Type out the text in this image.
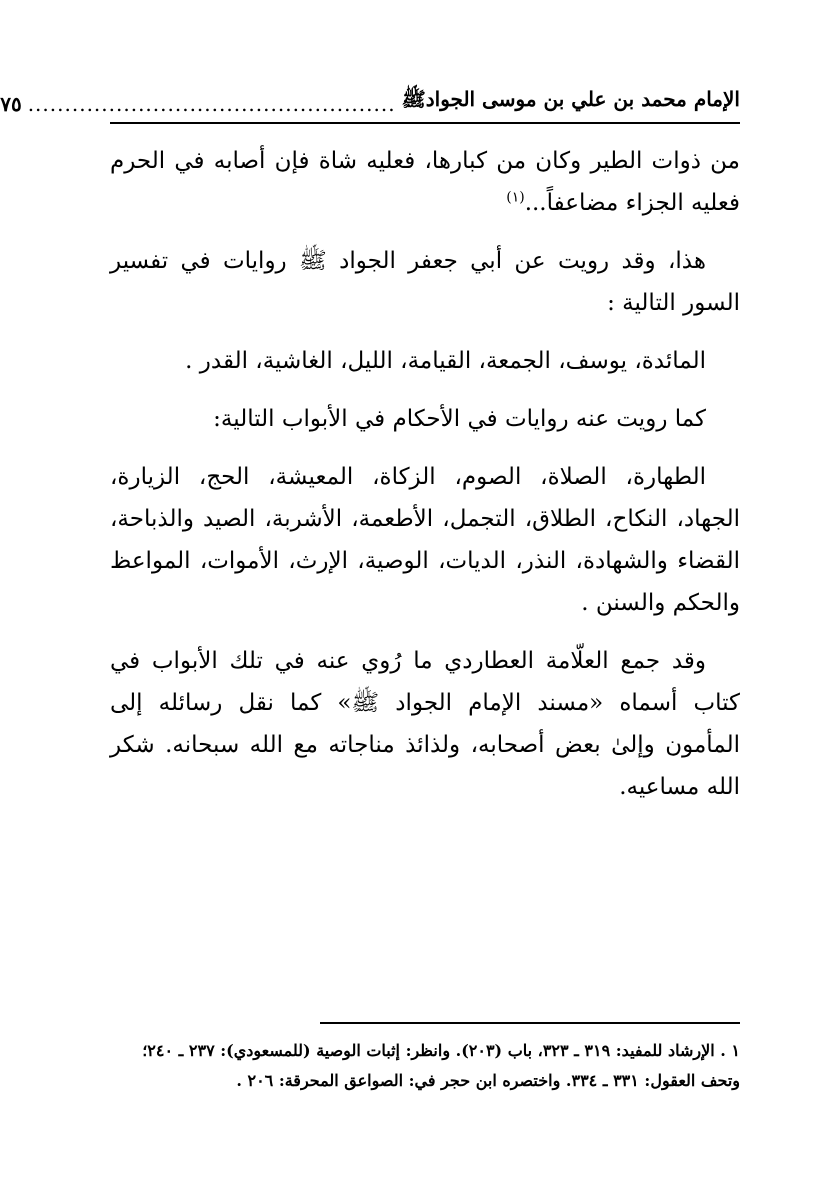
الإمام محمد بن علي بن موسى الجوادﷺ
..................................................
٧٥

من ذوات الطير وكان من كبارها، فعليه شاة فإن أصابه في الحرم فعليه الجزاء مضاعفاً...$^{(١)}$

هذا، وقد رويت عن أبي جعفر الجواد ﷺ روايات في تفسير السور التالية :

المائدة، يوسف، الجمعة، القيامة، الليل، الغاشية، القدر .

كما رويت عنه روايات في الأحكام في الأبواب التالية:

الطهارة، الصلاة، الصوم، الزكاة، المعيشة، الحج، الزيارة، الجهاد، النكاح، الطلاق، التجمل، الأطعمة، الأشربة، الصيد والذباحة، القضاء والشهادة، النذر، الديات، الوصية، الإرث، الأموات، المواعظ والحكم والسنن .

وقد جمع العلّامة العطاردي ما رُوي عنه في تلك الأبواب في كتاب أسماه «مسند الإمام الجواد ﷺ» كما نقل رسائله إلى المأمون وإلىٰ بعض أصحابه، ولذائذ مناجاته مع الله سبحانه. شكر الله مساعيه.

١ . الإرشاد للمفيد: ٣١٩ ـ ٣٢٣، باب (٢٠٣). وانظر: إثبات الوصية (للمسعودي): ٢٣٧ ـ ٢٤٠؛
وتحف العقول: ٣٣١ ـ ٣٣٤. واختصره ابن حجر في: الصواعق المحرقة: ٢٠٦ .
